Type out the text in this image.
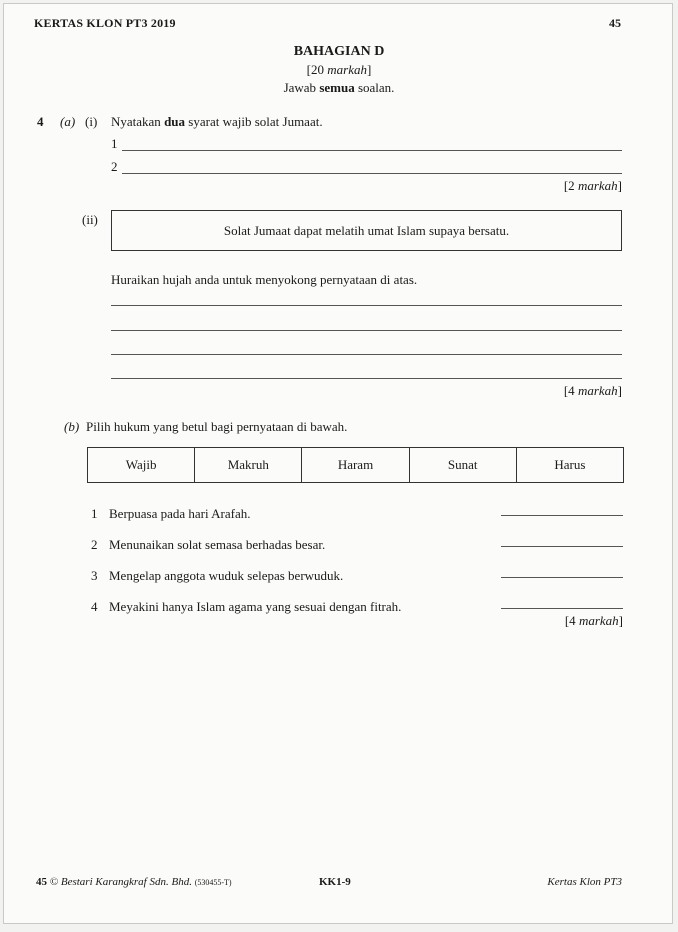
KERTAS KLON PT3 2019	45
BAHAGIAN D
[20 markah]
Jawab semua soalan.
4 (a) (i) Nyatakan dua syarat wajib solat Jumaat.
1
2
[2 markah]
(ii)
Solat Jumaat dapat melatih umat Islam supaya bersatu.
Huraikan hujah anda untuk menyokong pernyataan di atas.
[4 markah]
(b) Pilih hukum yang betul bagi pernyataan di bawah.
Wajib	Makruh	Haram	Sunat	Harus
1 Berpuasa pada hari Arafah.
2 Menunaikan solat semasa berhadas besar.
3 Mengelap anggota wuduk selepas berwuduk.
4 Meyakini hanya Islam agama yang sesuai dengan fitrah.
[4 markah]
45 © Bestari Karangkraf Sdn. Bhd. (530455-T)	KK1-9	Kertas Klon PT3
